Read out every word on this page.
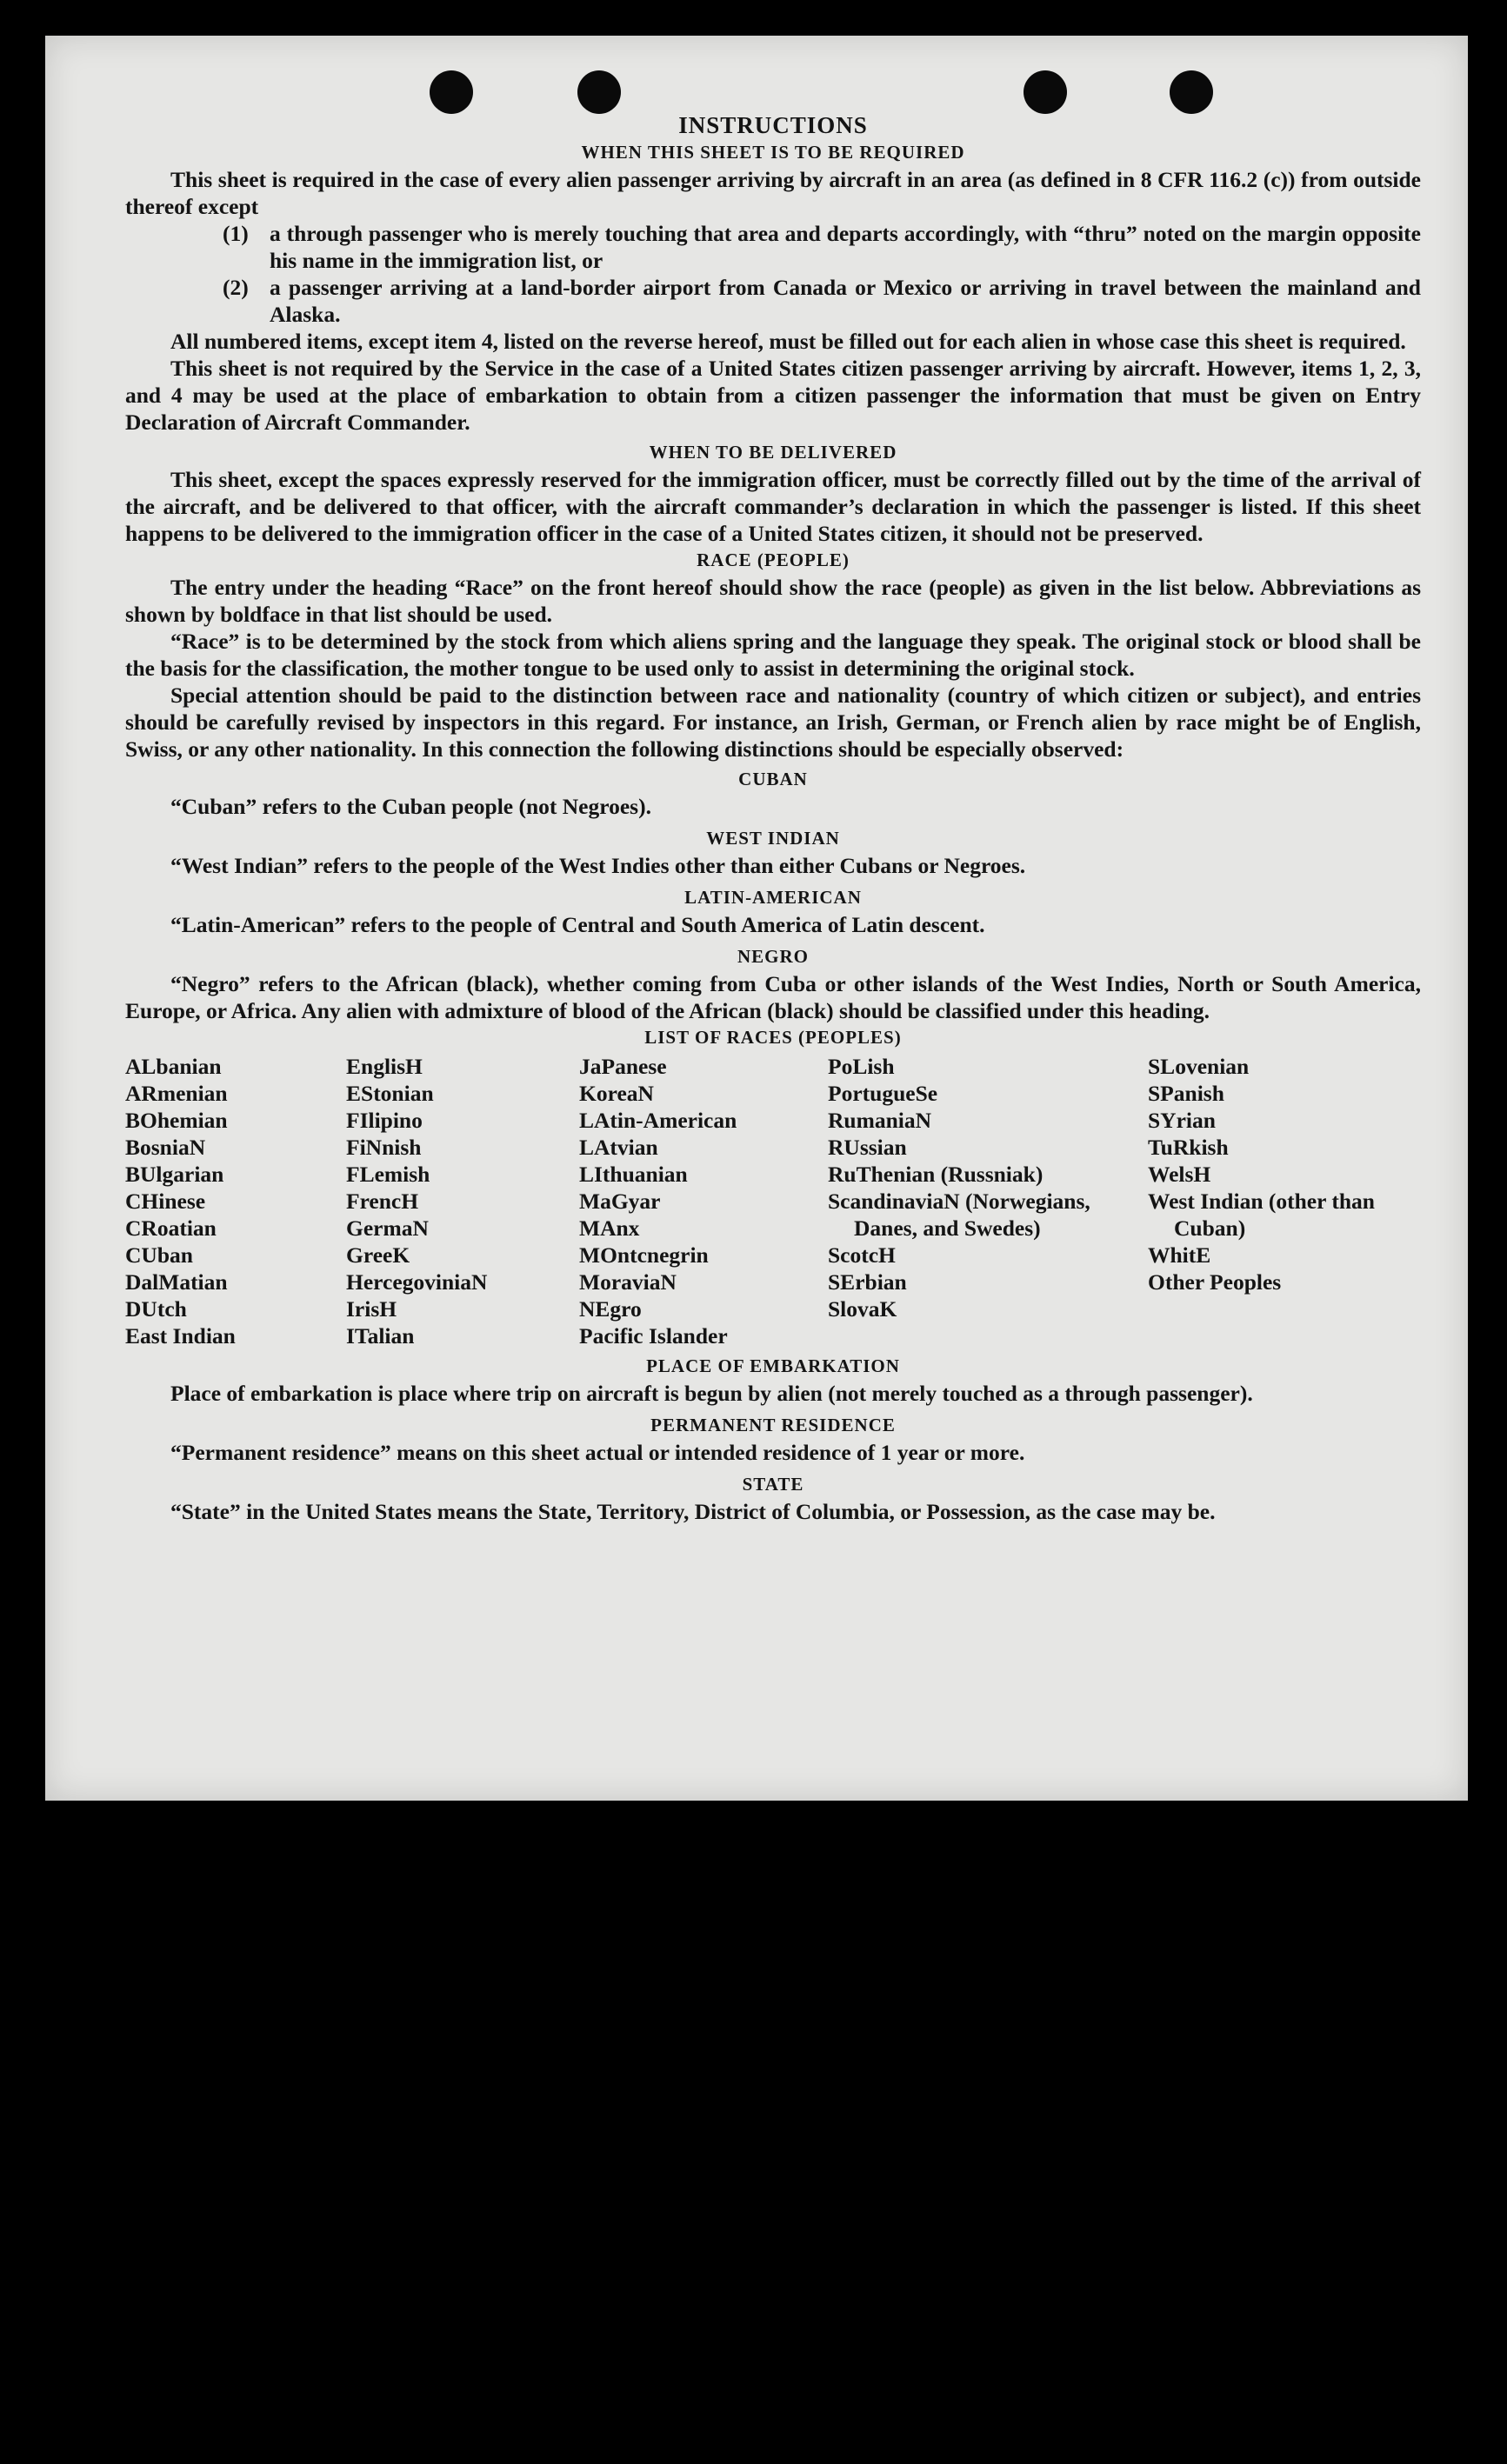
INSTRUCTIONS
WHEN THIS SHEET IS TO BE REQUIRED

This sheet is required in the case of every alien passenger arriving by aircraft in an area (as defined in 8 CFR 116.2 (c)) from outside thereof except

(1) a through passenger who is merely touching that area and departs accordingly, with “thru” noted on the margin opposite his name in the immigration list, or
(2) a passenger arriving at a land-border airport from Canada or Mexico or arriving in travel between the mainland and Alaska.

All numbered items, except item 4, listed on the reverse hereof, must be filled out for each alien in whose case this sheet is required.

This sheet is not required by the Service in the case of a United States citizen passenger arriving by aircraft. However, items 1, 2, 3, and 4 may be used at the place of embarkation to obtain from a citizen passenger the information that must be given on Entry Declaration of Aircraft Commander.

WHEN TO BE DELIVERED

This sheet, except the spaces expressly reserved for the immigration officer, must be correctly filled out by the time of the arrival of the aircraft, and be delivered to that officer, with the aircraft commander’s declaration in which the passenger is listed. If this sheet happens to be delivered to the immigration officer in the case of a United States citizen, it should not be preserved.

RACE (PEOPLE)

The entry under the heading “Race” on the front hereof should show the race (people) as given in the list below. Abbreviations as shown by boldface in that list should be used.

“Race” is to be determined by the stock from which aliens spring and the language they speak. The original stock or blood shall be the basis for the classification, the mother tongue to be used only to assist in determining the original stock.

Special attention should be paid to the distinction between race and nationality (country of which citizen or subject), and entries should be carefully revised by inspectors in this regard. For instance, an Irish, German, or French alien by race might be of English, Swiss, or any other nationality. In this connection the following distinctions should be especially observed:

CUBAN

“Cuban” refers to the Cuban people (not Negroes).

WEST INDIAN

“West Indian” refers to the people of the West Indies other than either Cubans or Negroes.

LATIN-AMERICAN

“Latin-American” refers to the people of Central and South America of Latin descent.

NEGRO

“Negro” refers to the African (black), whether coming from Cuba or other islands of the West Indies, North or South America, Europe, or Africa. Any alien with admixture of blood of the African (black) should be classified under this heading.

LIST OF RACES (PEOPLES)
ALbanian
ARmenian
BOhemian
BosniaN
BUlgarian
CHinese
CRoatian
CUban
DalMatian
DUtch
East Indian
EnglisH
EStonian
FIlipino
FiNnish
FLemish
FrencH
GermaN
GreeK
HercegoviniaN
IrisH
ITalian
JaPanese
KoreaN
LAtin-American
LAtvian
LIthuanian
MaGyar
MAnx
MOntcnegrin
MoraviaN
NEgro
Pacific Islander
PoLish
PortugueSe
RumaniaN
RUssian
RuThenian (Russniak)
ScandinaviaN (Norwegians, Danes, and Swedes)
ScotcH
SErbian
SlovaK
SLovenian
SPanish
SYrian
TuRkish
WelsH
West Indian (other than Cuban)
WhitE
Other Peoples
PLACE OF EMBARKATION

Place of embarkation is place where trip on aircraft is begun by alien (not merely touched as a through passenger).

PERMANENT RESIDENCE

“Permanent residence” means on this sheet actual or intended residence of 1 year or more.

STATE

“State” in the United States means the State, Territory, District of Columbia, or Possession, as the case may be.
